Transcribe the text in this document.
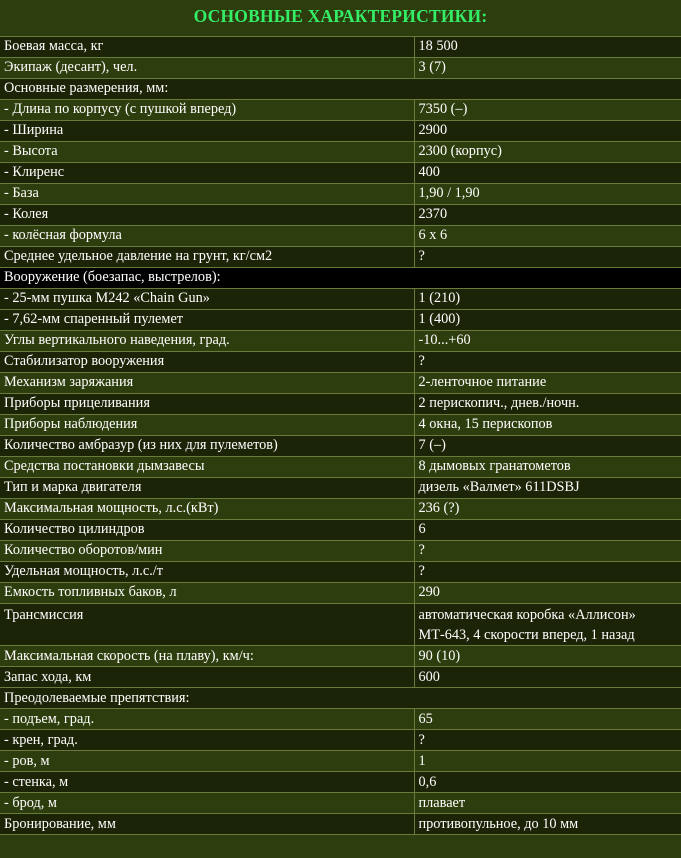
ОСНОВНЫЕ ХАРАКТЕРИСТИКИ:
Боевая масса, кг	18 500
Экипаж (десант), чел.	3 (7)
Основные размерения, мм:	
- Длина по корпусу (с пушкой вперед)	7350 (–)
- Ширина	2900
- Высота	2300 (корпус)
- Клиренс	400
- База	1,90 / 1,90
- Колея	2370
- колёсная формула	6 х 6
Среднее удельное давление на грунт, кг/см2	?
Вооружение (боезапас, выстрелов):	
- 25-мм пушка М242 «Chain Gun»	1 (210)
- 7,62-мм спаренный пулемет	1 (400)
Углы вертикального наведения, град.	-10...+60
Стабилизатор вооружения	?
Механизм заряжания	2-ленточное питание
Приборы прицеливания	2 перископич., днев./ночн.
Приборы наблюдения	4 окна, 15 перископов
Количество амбразур (из них для пулеметов)	7 (–)
Средства постановки дымзавесы	8 дымовых гранатометов
Тип и марка двигателя	дизель «Валмет» 611DSBJ
Максимальная мощность, л.с.(кВт)	236 (?)
Количество цилиндров	6
Количество оборотов/мин	?
Удельная мощность, л.с./т	?
Емкость топливных баков, л	290
Трансмиссия	автоматическая коробка «Аллисон»
МТ-643, 4 скорости вперед, 1 назад

Максимальная скорость (на плаву), км/ч:	90 (10)
Запас хода, км	600
Преодолеваемые препятствия:	
- подъем, град.	65
- крен, град.	?
- ров, м	1
- стенка, м	0,6
- брод, м	плавает
Бронирование, мм	противопульное, до 10 мм
